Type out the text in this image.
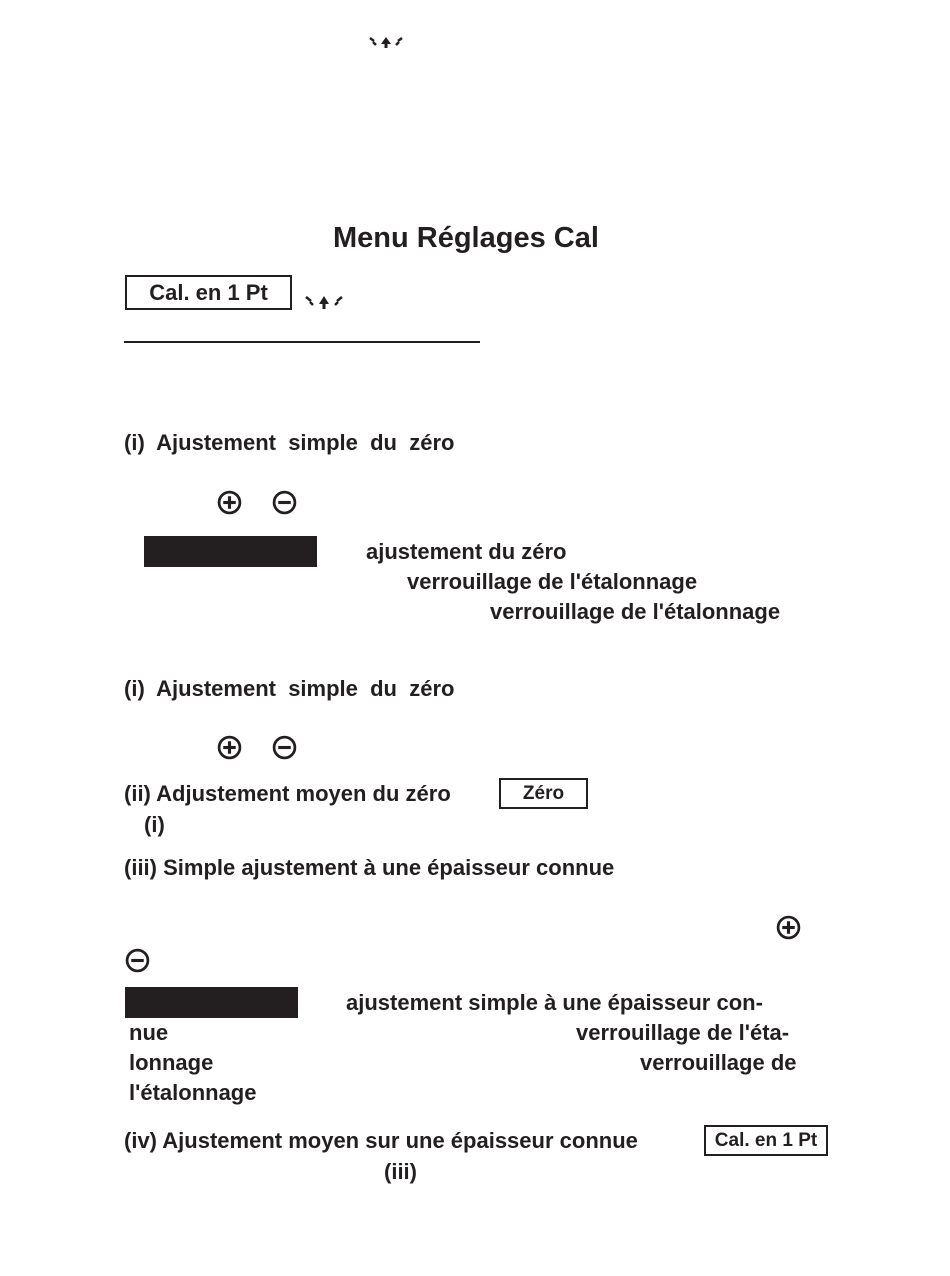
Menu Réglages Cal
Cal. en 1 Pt
(i)  Ajustement  simple  du  zéro
ajustement du zéro
verrouillage de l'étalonnage
verrouillage de l'étalonnage
(i)  Ajustement  simple  du  zéro
(ii) Adjustement moyen du zéro	Zéro
(i)
(iii) Simple ajustement à une épaisseur connue
ajustement simple à une épaisseur con-
nue	verrouillage de l'éta-
lonnage	verrouillage de
l'étalonnage
(iv) Ajustement moyen sur une épaisseur connue	Cal. en 1 Pt
(iii)
